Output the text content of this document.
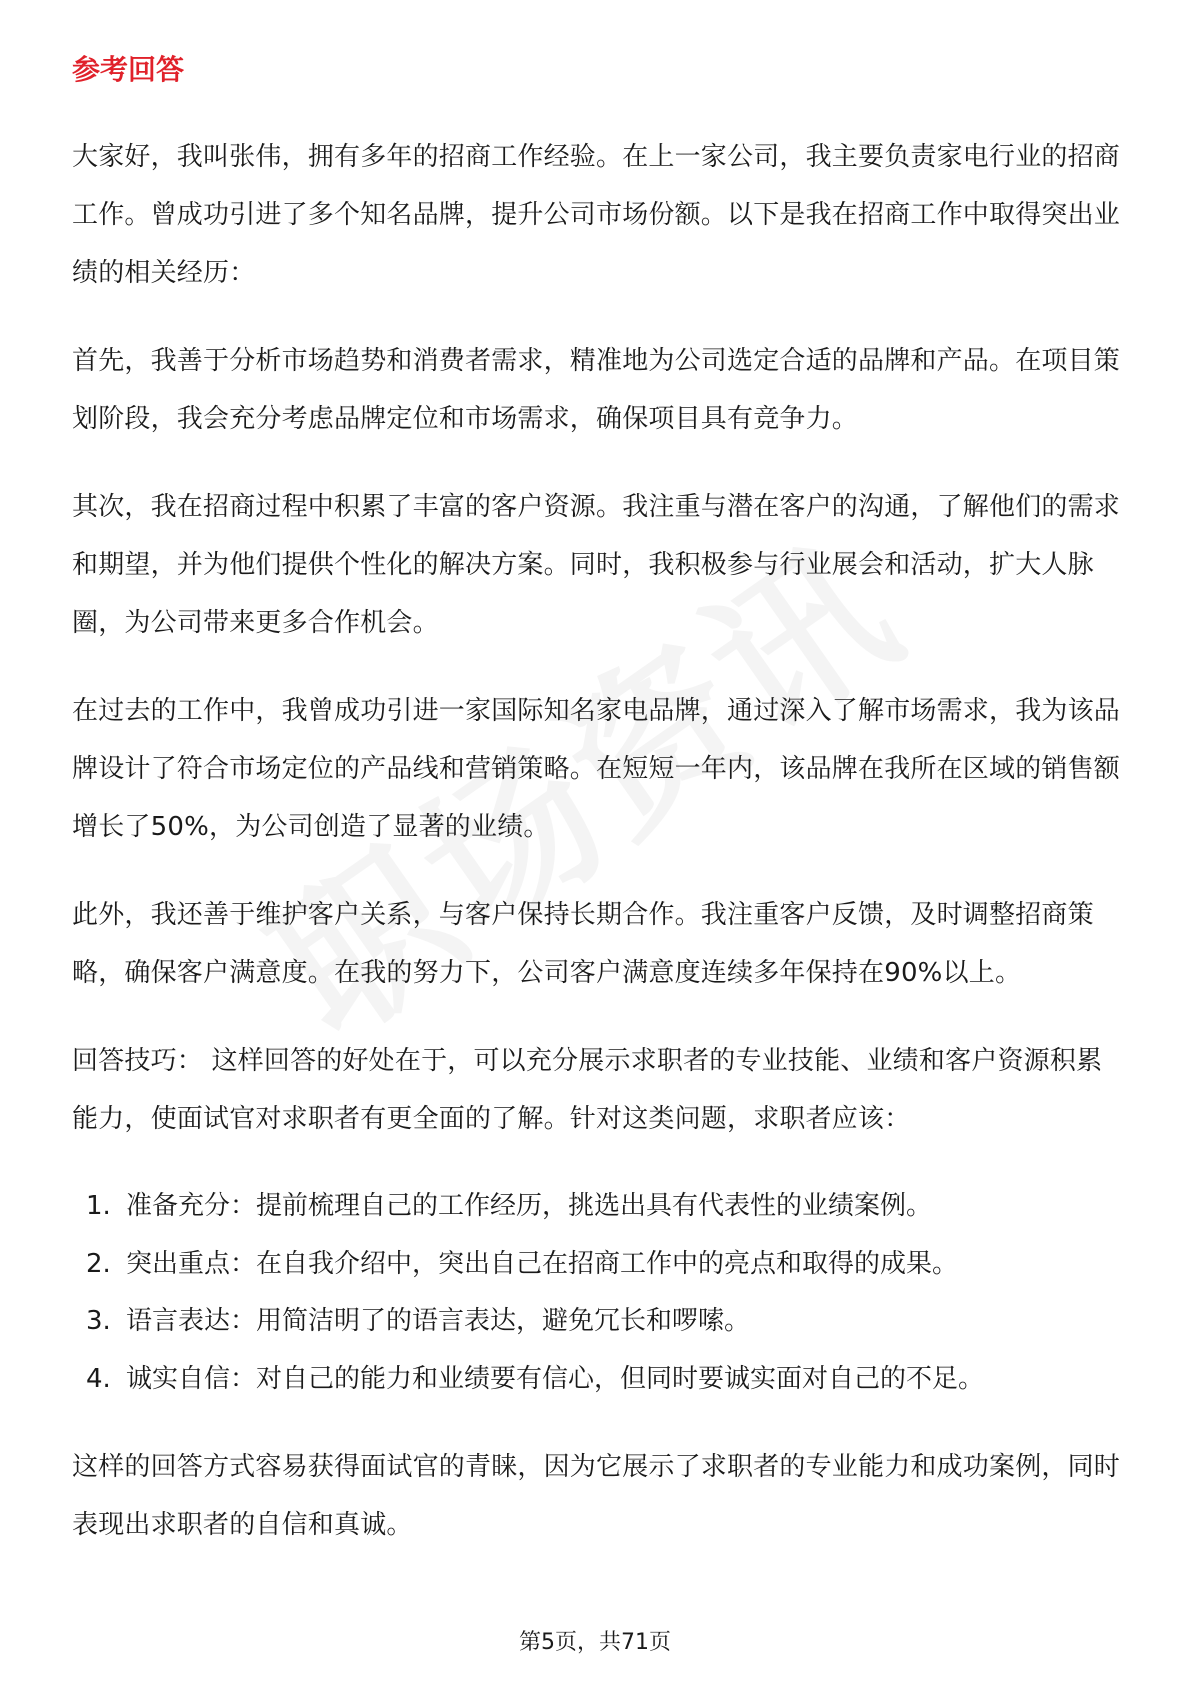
参考回答

大家好，我叫张伟，拥有多年的招商工作经验。在上一家公司，我主要负责家电行业的招商工作。曾成功引进了多个知名品牌，提升公司市场份额。以下是我在招商工作中取得突出业绩的相关经历：

首先，我善于分析市场趋势和消费者需求，精准地为公司选定合适的品牌和产品。在项目策划阶段，我会充分考虑品牌定位和市场需求，确保项目具有竞争力。

其次，我在招商过程中积累了丰富的客户资源。我注重与潜在客户的沟通，了解他们的需求和期望，并为他们提供个性化的解决方案。同时，我积极参与行业展会和活动，扩大人脉圈，为公司带来更多合作机会。

在过去的工作中，我曾成功引进一家国际知名家电品牌，通过深入了解市场需求，我为该品牌设计了符合市场定位的产品线和营销策略。在短短一年内，该品牌在我所在区域的销售额增长了50%，为公司创造了显著的业绩。

此外，我还善于维护客户关系，与客户保持长期合作。我注重客户反馈，及时调整招商策略，确保客户满意度。在我的努力下，公司客户满意度连续多年保持在90%以上。

回答技巧： 这样回答的好处在于，可以充分展示求职者的专业技能、业绩和客户资源积累能力，使面试官对求职者有更全面的了解。针对这类问题，求职者应该：

1. 准备充分：提前梳理自己的工作经历，挑选出具有代表性的业绩案例。
2. 突出重点：在自我介绍中，突出自己在招商工作中的亮点和取得的成果。
3. 语言表达：用简洁明了的语言表达，避免冗长和啰嗦。
4. 诚实自信：对自己的能力和业绩要有信心，但同时要诚实面对自己的不足。

这样的回答方式容易获得面试官的青睐，因为它展示了求职者的专业能力和成功案例，同时表现出求职者的自信和真诚。

第5页，共71页
